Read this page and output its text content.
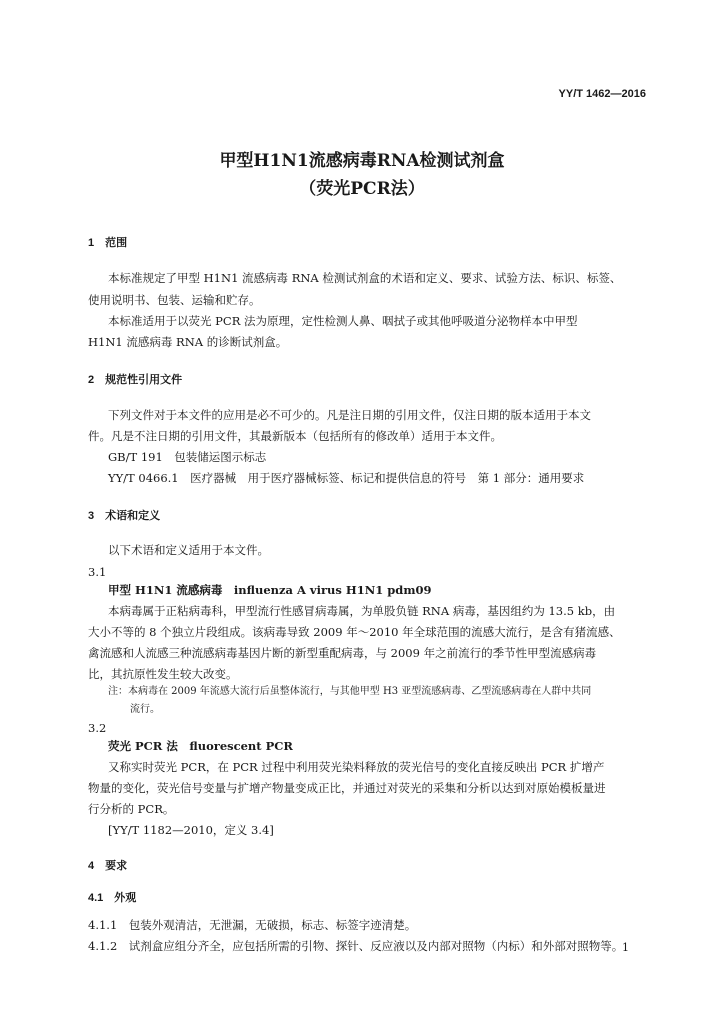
YY/T 1462—2016
甲型H1N1流感病毒RNA检测试剂盒
（荧光PCR法）
1　范围
本标准规定了甲型 H1N1 流感病毒 RNA 检测试剂盒的术语和定义、要求、试验方法、标识、标签、
使用说明书、包装、运输和贮存。
本标准适用于以荧光 PCR 法为原理，定性检测人鼻、咽拭子或其他呼吸道分泌物样本中甲型
H1N1 流感病毒 RNA 的诊断试剂盒。
2　规范性引用文件
下列文件对于本文件的应用是必不可少的。凡是注日期的引用文件，仅注日期的版本适用于本文
件。凡是不注日期的引用文件，其最新版本（包括所有的修改单）适用于本文件。
GB/T 191　包装储运图示标志
YY/T 0466.1　医疗器械　用于医疗器械标签、标记和提供信息的符号　第 1 部分：通用要求
3　术语和定义
以下术语和定义适用于本文件。
3.1
甲型 H1N1 流感病毒　influenza A virus H1N1 pdm09
本病毒属于正粘病毒科，甲型流行性感冒病毒属，为单股负链 RNA 病毒，基因组约为 13.5 kb，由
大小不等的 8 个独立片段组成。该病毒导致 2009 年～2010 年全球范围的流感大流行，是含有猪流感、
禽流感和人流感三种流感病毒基因片断的新型重配病毒，与 2009 年之前流行的季节性甲型流感病毒
比，其抗原性发生较大改变。
注：本病毒在 2009 年流感大流行后虽整体流行，与其他甲型 H3 亚型流感病毒、乙型流感病毒在人群中共同
流行。
3.2
荧光 PCR 法　fluorescent PCR
又称实时荧光 PCR，在 PCR 过程中利用荧光染料释放的荧光信号的变化直接反映出 PCR 扩增产
物量的变化，荧光信号变量与扩增产物量变成正比，并通过对荧光的采集和分析以达到对原始模板量进
行分析的 PCR。
[YY/T 1182—2010，定义 3.4]
4　要求
4.1　外观
4.1.1　包装外观清洁，无泄漏，无破损，标志、标签字迹清楚。
4.1.2　试剂盒应组分齐全，应包括所需的引物、探针、反应液以及内部对照物（内标）和外部对照物等。
1
